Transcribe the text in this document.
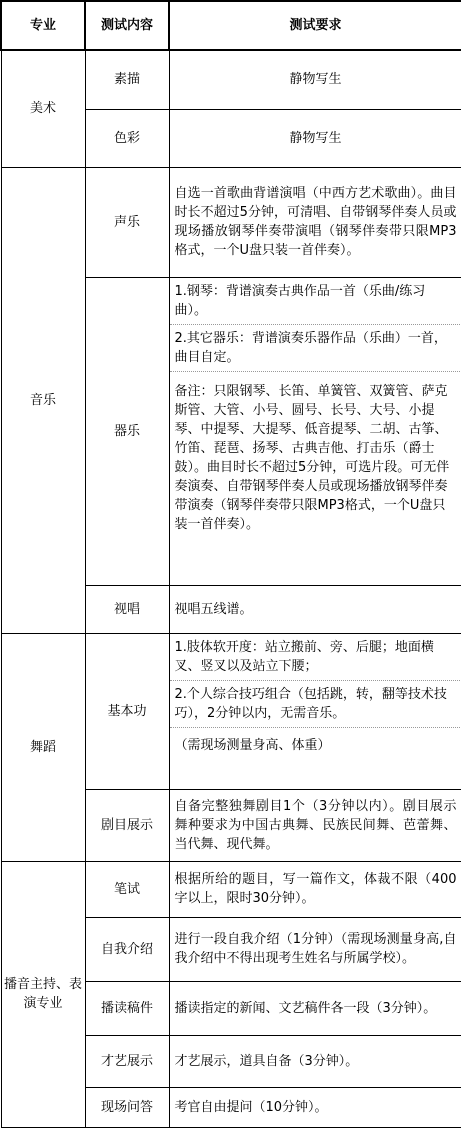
专业	测试内容	测试要求
美术	素描	静物写生
	色彩	静物写生
音乐	声乐	自选一首歌曲背谱演唱（中西方艺术歌曲）。曲目时长不超过5分钟，可清唱、自带钢琴伴奏人员或现场播放钢琴伴奏带演唱（钢琴伴奏带只限MP3格式，一个U盘只装一首伴奏）。
	器乐	1.钢琴：背谱演奏古典作品一首（乐曲/练习曲）。
2.其它器乐：背谱演奏乐器作品（乐曲）一首，曲目自定。
备注：只限钢琴、长笛、单簧管、双簧管、萨克斯管、大管、小号、圆号、长号、大号、小提琴、中提琴、大提琴、低音提琴、二胡、古筝、竹笛、琵琶、扬琴、古典吉他、打击乐（爵士鼓）。曲目时长不超过5分钟，可选片段。可无伴奏演奏、自带钢琴伴奏人员或现场播放钢琴伴奏带演奏（钢琴伴奏带只限MP3格式，一个U盘只装一首伴奏）。

	视唱	视唱五线谱。
舞蹈	基本功	1.肢体软开度：站立搬前、旁、后腿；地面横叉、竖叉以及站立下腰；
2.个人综合技巧组合（包括跳，转，翻等技术技巧），2分钟以内，无需音乐。
（需现场测量身高、体重）

	剧目展示	自备完整独舞剧目1个（3分钟以内）。剧目展示舞种要求为中国古典舞、民族民间舞、芭蕾舞、当代舞、现代舞。
播音主持、表演专业	笔试	根据所给的题目，写一篇作文，体裁不限（400字以上，限时30分钟）。
	自我介绍	进行一段自我介绍（1分钟）（需现场测量身高,自我介绍中不得出现考生姓名与所属学校）。
	播读稿件	播读指定的新闻、文艺稿件各一段（3分钟）。
	才艺展示	才艺展示，道具自备（3分钟）。
	现场问答	考官自由提问（10分钟）。
